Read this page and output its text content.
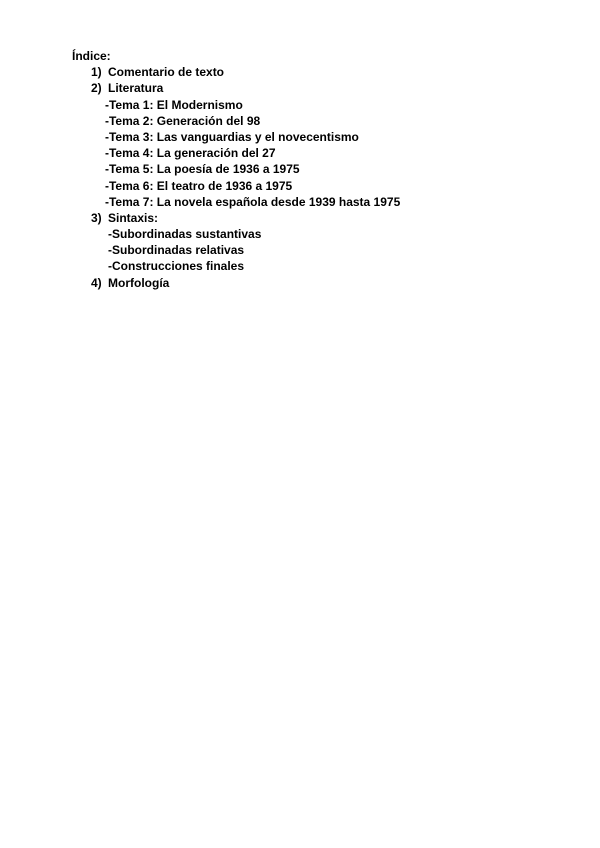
Índice:
1) Comentario de texto
2) Literatura
-Tema 1: El Modernismo
-Tema 2: Generación del 98
-Tema 3: Las vanguardias y el novecentismo
-Tema 4: La generación del 27
-Tema 5: La poesía de 1936 a 1975
-Tema 6: El teatro de 1936 a 1975
-Tema 7: La novela española desde 1939 hasta 1975
3) Sintaxis:
-Subordinadas sustantivas
-Subordinadas relativas
-Construcciones finales
4) Morfología
